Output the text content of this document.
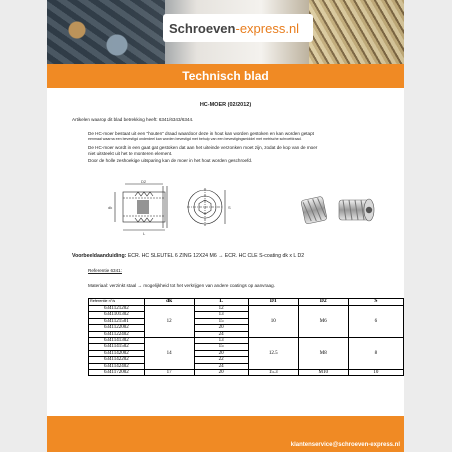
Schroeven-express.nl
Technisch blad
HC-MOER (02/2012)
Artikelen waarop dit blad betrekking heeft: 6341/6343/6344.
De HC-moer bestaat uit een "houten" draad waardoor deze in hout kan worden gestoken en kan worden getapt
eenmaal waarna een bevestigd onderdeel kan worden bevestigd met behulp van een bevestigingsmiddel met metrische schroefdraad.
De HC-moer wordt in een gaat gat gestoken dat aan het uiteinde verzonken moet zijn, zodat de kop van de moer
niet uitsteekt uit het te monteren element.
Door de holle zeshoekige uitsparing kan de moer in het hout worden geschroefd.
dk
L
D2
S
Voorbeeldaanduiding: ECR. HC SLEUTEL 6 ZING 12X24 M6 → ECR. HC CLE S-coating dk x L D2
Referentie 6341:
Materiaal: verzinkt staal → mogelijkheid tot het verkrijgen van andere coatings op aanvraag.
Referentie n°/s	dk	L	D1	D2	S
6341121202	12	12	10	M6	6
6341101302		13			
6341121501		15			
6341122002		20			
6341122402		24			
6341141302	14	13	12.5	M8	8
6341141502		15			
6341142002		20			
6341142202		22			
6341142402		24			
6341172002	17	20	15.3	M10	10
klantenservice@schroeven-express.nl
